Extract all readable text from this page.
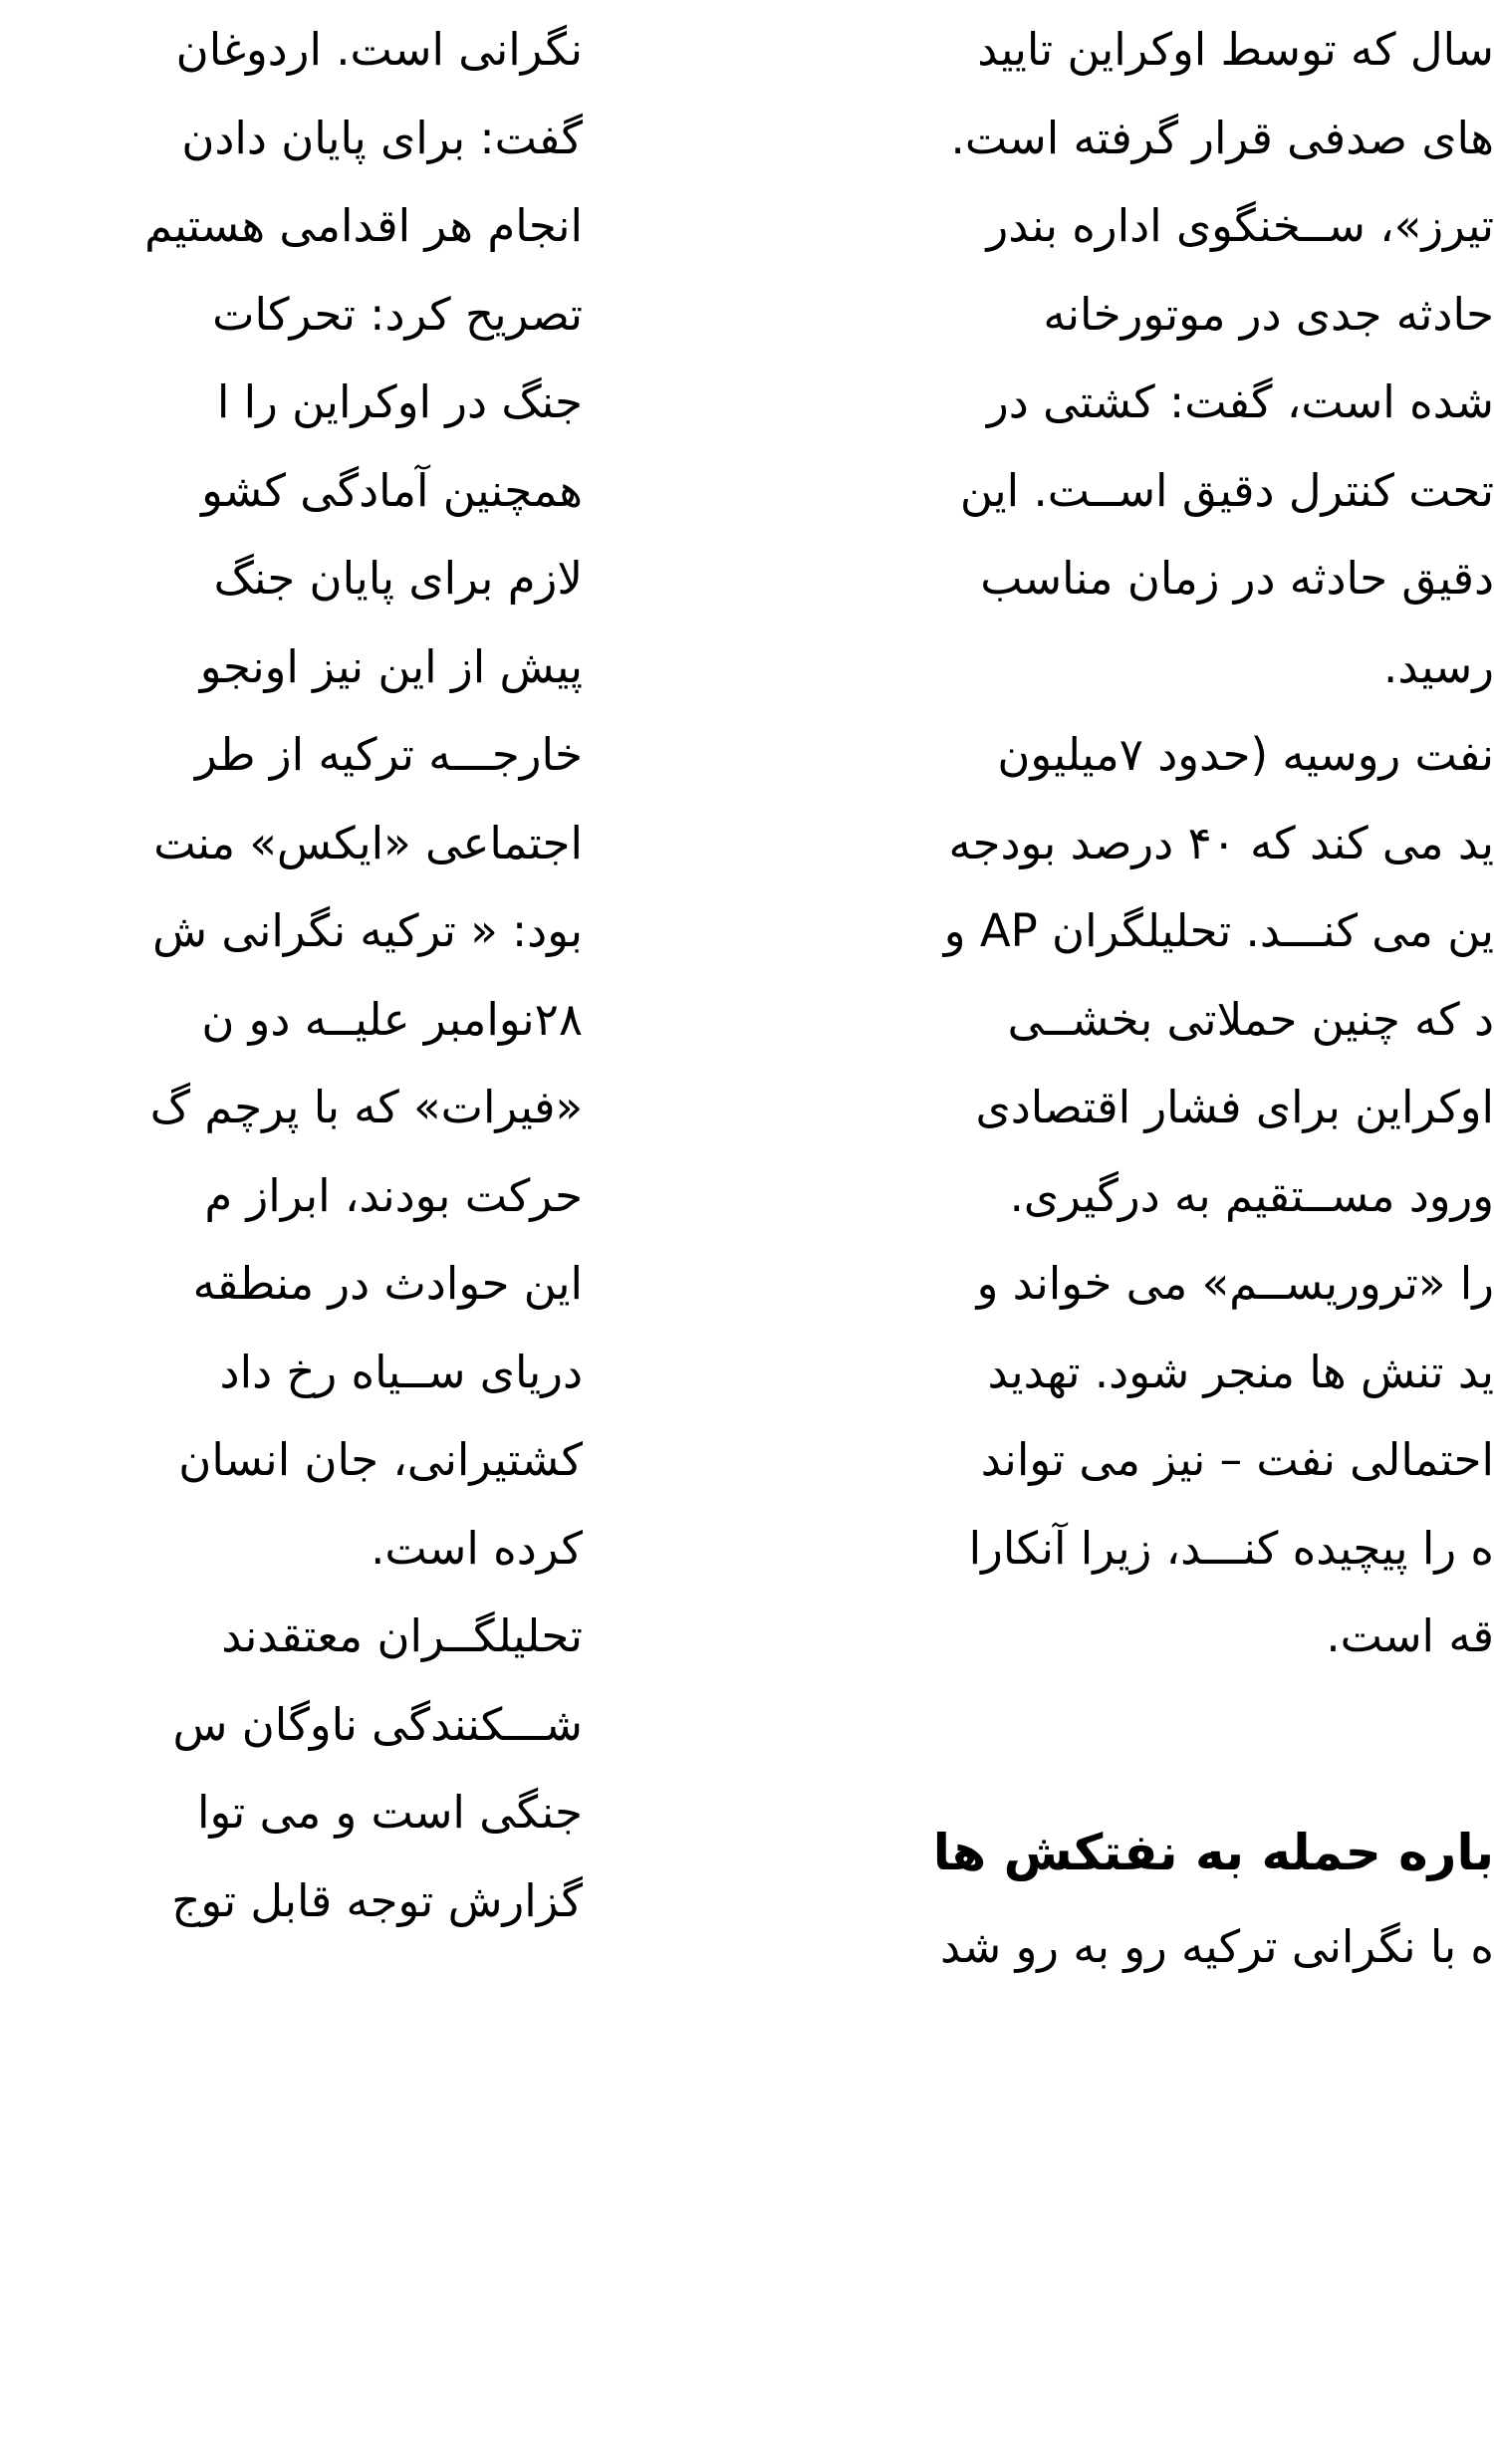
نگرانی است. اردوغان
گفت: برای پایان دادن
انجام هر اقدامی هستیم
تصریح کرد: تحرکات
جنگ در اوکراین را ا
همچنین آمادگی کشو
لازم برای پایان جنگ
پیش از این نیز اونجو
خارجـــه ترکیه از طر
اجتماعی «ایکس» منت
بود: « ترکیه نگرانی ش
۲۸نوامبر علیــه دو ن
«فیرات» که با پرچم گ
حرکت بودند، ابراز م
این حوادث در منطقه
دریای ســیاه رخ داد
کشتیرانی، جان انسان
کرده است.
تحلیلگــران معتقدند
شـــکنندگی ناوگان س
جنگی است و می توا
گزارش توجه قابل توج
سال که توسط اوکراین تایید
های صدفی قرار گرفته است.
تیرز»، ســخنگوی اداره بندر
حادثه جدی در موتورخانه
شده است، گفت: کشتی در
تحت کنترل دقیق اســت. این
دقیق حادثه در زمان مناسب
رسید.
نفت روسیه (حدود ۷میلیون
ید می کند که ۴۰ درصد بودجه
ین می کنـــد. تحلیلگران AP و
د که چنین حملاتی بخشــی
اوکراین برای فشار اقتصادی
ورود مســتقیم به درگیری.
را «تروریســم» می خواند و
ید تنش ها منجر شود. تهدید
احتمالی نفت – نیز می تواند
ه را پیچیده کنـــد، زیرا آنکارا
قه است.
باره حمله به نفتکش ها
ه با نگرانی ترکیه رو به رو شد
